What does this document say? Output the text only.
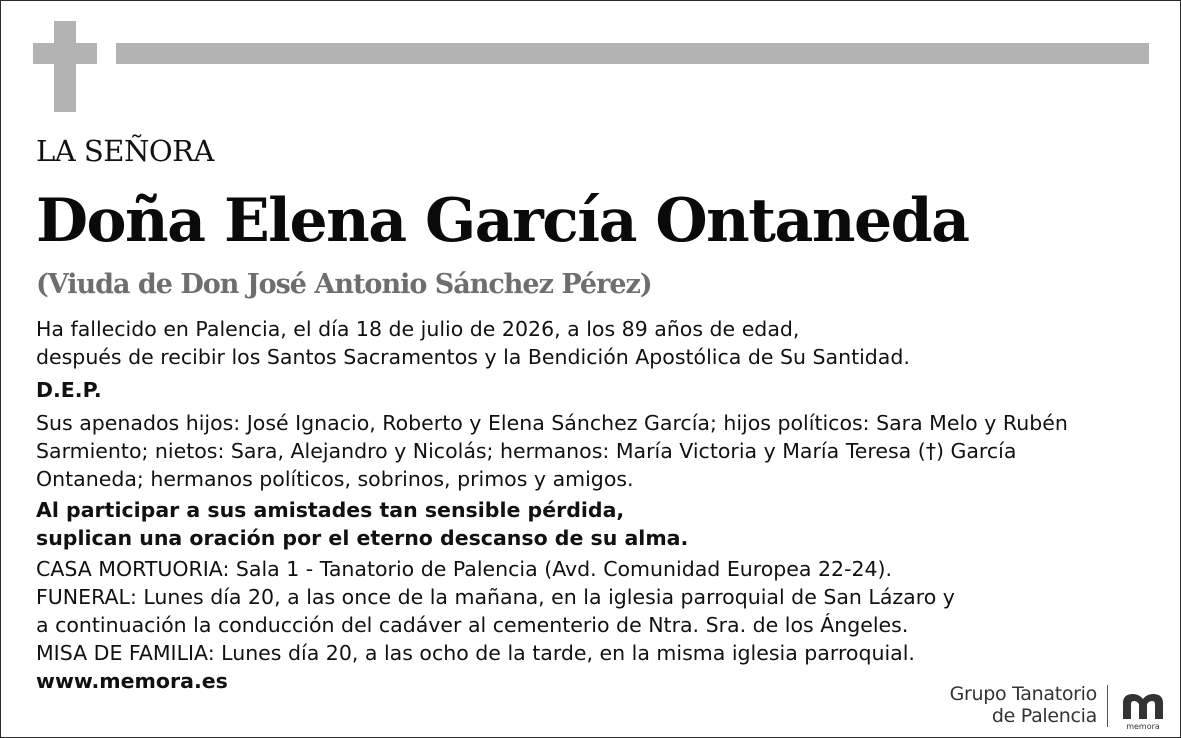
LA SEÑORA
Doña Elena García Ontaneda
(Viuda de Don José Antonio Sánchez Pérez)
Ha fallecido en Palencia, el día 18 de julio de 2026, a los 89 años de edad,
después de recibir los Santos Sacramentos y la Bendición Apostólica de Su Santidad.
D.E.P.
Sus apenados hijos: José Ignacio, Roberto y Elena Sánchez García; hijos políticos: Sara Melo y Rubén
Sarmiento; nietos: Sara, Alejandro y Nicolás; hermanos: María Victoria y María Teresa (†) García
Ontaneda; hermanos políticos, sobrinos, primos y amigos.
Al participar a sus amistades tan sensible pérdida,
suplican una oración por el eterno descanso de su alma.
CASA MORTUORIA: Sala 1 - Tanatorio de Palencia (Avd. Comunidad Europea 22-24).
FUNERAL: Lunes día 20, a las once de la mañana, en la iglesia parroquial de San Lázaro y
a continuación la conducción del cadáver al cementerio de Ntra. Sra. de los Ángeles.
MISA DE FAMILIA: Lunes día 20, a las ocho de la tarde, en la misma iglesia parroquial.
www.memora.es
Grupo Tanatorio
de Palencia	memora
